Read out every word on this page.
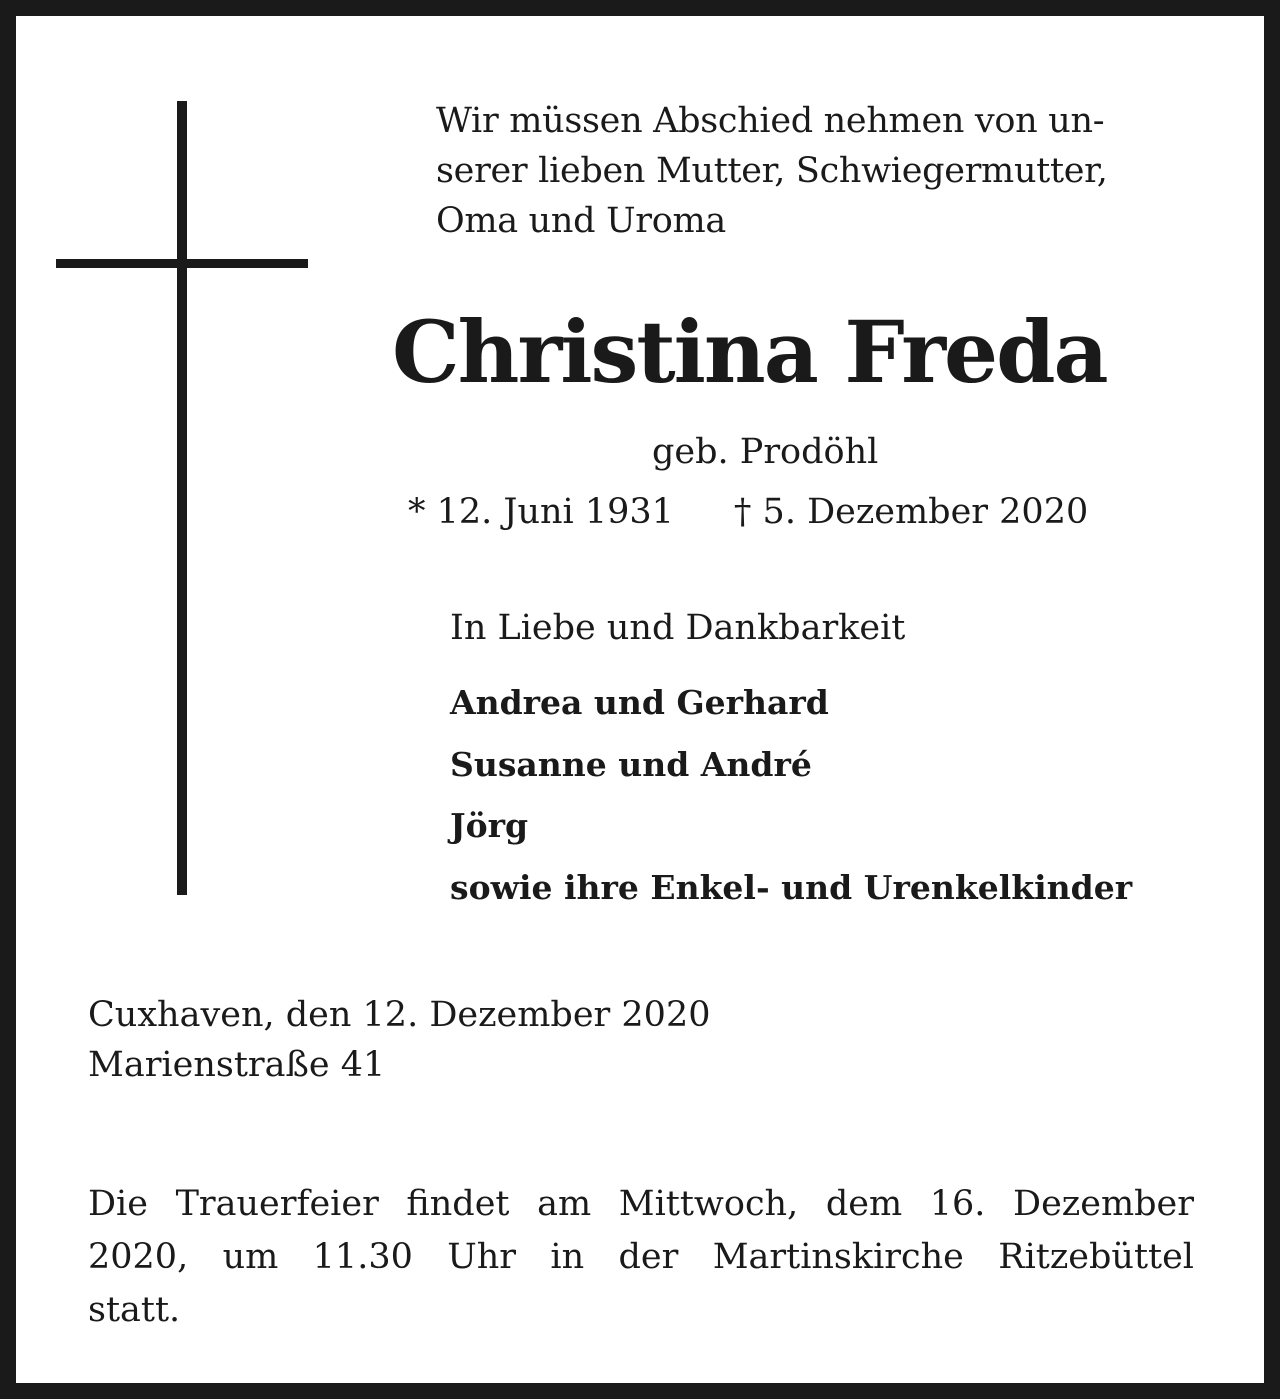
Wir müssen Abschied nehmen von un-
serer lieben Mutter, Schwiegermutter,
Oma und Uroma
Christina Freda
geb. Prodöhl
* 12. Juni 1931 † 5. Dezember 2020
In Liebe und Dankbarkeit
Andrea und Gerhard
Susanne und André
Jörg
sowie ihre Enkel- und Urenkelkinder
Cuxhaven, den 12. Dezember 2020
Marienstraße 41
Die Trauerfeier findet am Mittwoch, dem 16. Dezember
2020, um 11.30 Uhr in der Martinskirche Ritzebüttel
statt.
